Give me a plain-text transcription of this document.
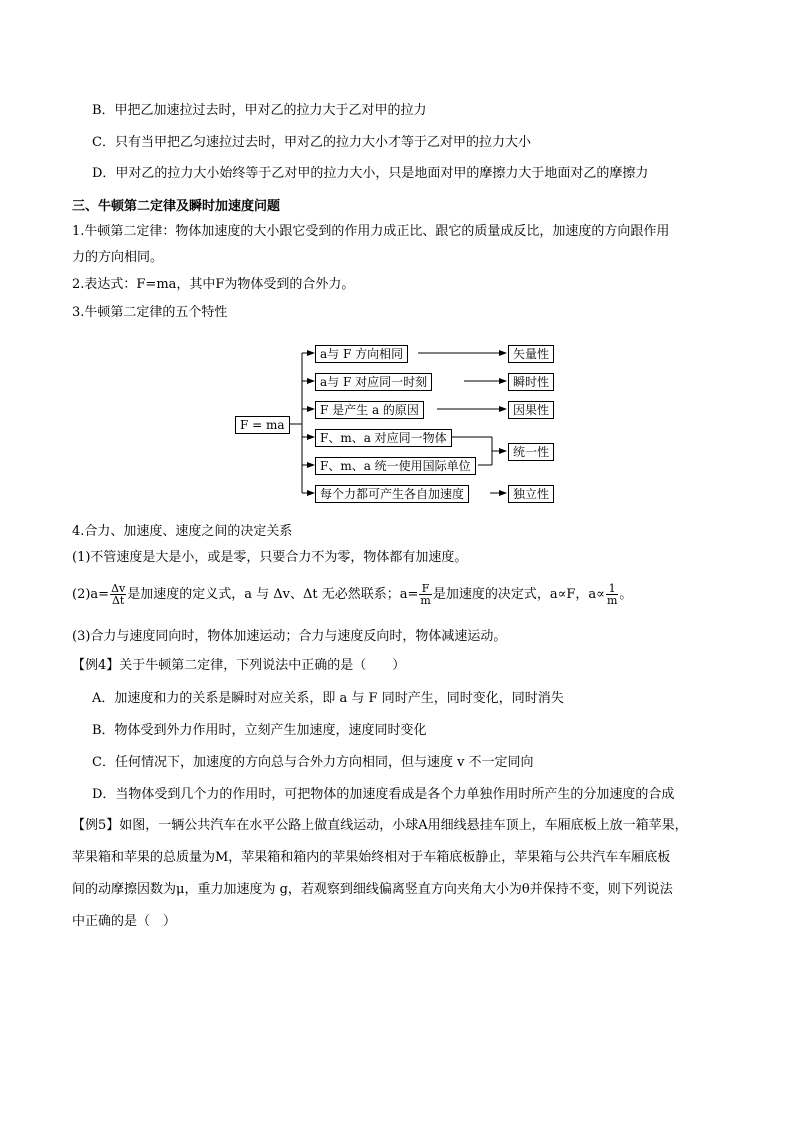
B．甲把乙加速拉过去时，甲对乙的拉力大于乙对甲的拉力
C．只有当甲把乙匀速拉过去时，甲对乙的拉力大小才等于乙对甲的拉力大小
D．甲对乙的拉力大小始终等于乙对甲的拉力大小，只是地面对甲的摩擦力大于地面对乙的摩擦力
三、牛顿第二定律及瞬时加速度问题
1.牛顿第二定律：物体加速度的大小跟它受到的作用力成正比、跟它的质量成反比，加速度的方向跟作用
力的方向相同。
2.表达式：F=ma，其中F为物体受到的合外力。
3.牛顿第二定律的五个特性
F = ma
a与 F 方向相同
a与 F 对应同一时刻
F 是产生 a 的原因
F、m、a 对应同一物体
F、m、a 统一使用国际单位
每个力都可产生各自加速度
矢量性
瞬时性
因果性
统一性
独立性
4.合力、加速度、速度之间的决定关系
(1)不管速度是大是小，或是零，只要合力不为零，物体都有加速度。
$(2)a= \frac{\Delta v}{\Delta t}$ 是加速度的定义式，a 与 Δv、Δt 无必然联系；$a= \frac{F}{m}$ 是加速度的决定式，a∝F，$a\propto \frac{1}{m}$ 。
(3)合力与速度同向时，物体加速运动；合力与速度反向时，物体减速运动。
【例4】关于牛顿第二定律，下列说法中正确的是（　　）
A．加速度和力的关系是瞬时对应关系，即 a 与 F 同时产生，同时变化，同时消失
B．物体受到外力作用时，立刻产生加速度，速度同时变化
C．任何情况下，加速度的方向总与合外力方向相同，但与速度 v 不一定同向
D．当物体受到几个力的作用时，可把物体的加速度看成是各个力单独作用时所产生的分加速度的合成
【例5】如图，一辆公共汽车在水平公路上做直线运动，小球A用细线悬挂车顶上，车厢底板上放一箱苹果，
苹果箱和苹果的总质量为M，苹果箱和箱内的苹果始终相对于车箱底板静止，苹果箱与公共汽车车厢底板
间的动摩擦因数为μ，重力加速度为 g，若观察到细线偏离竖直方向夹角大小为θ并保持不变，则下列说法
中正确的是（　）
